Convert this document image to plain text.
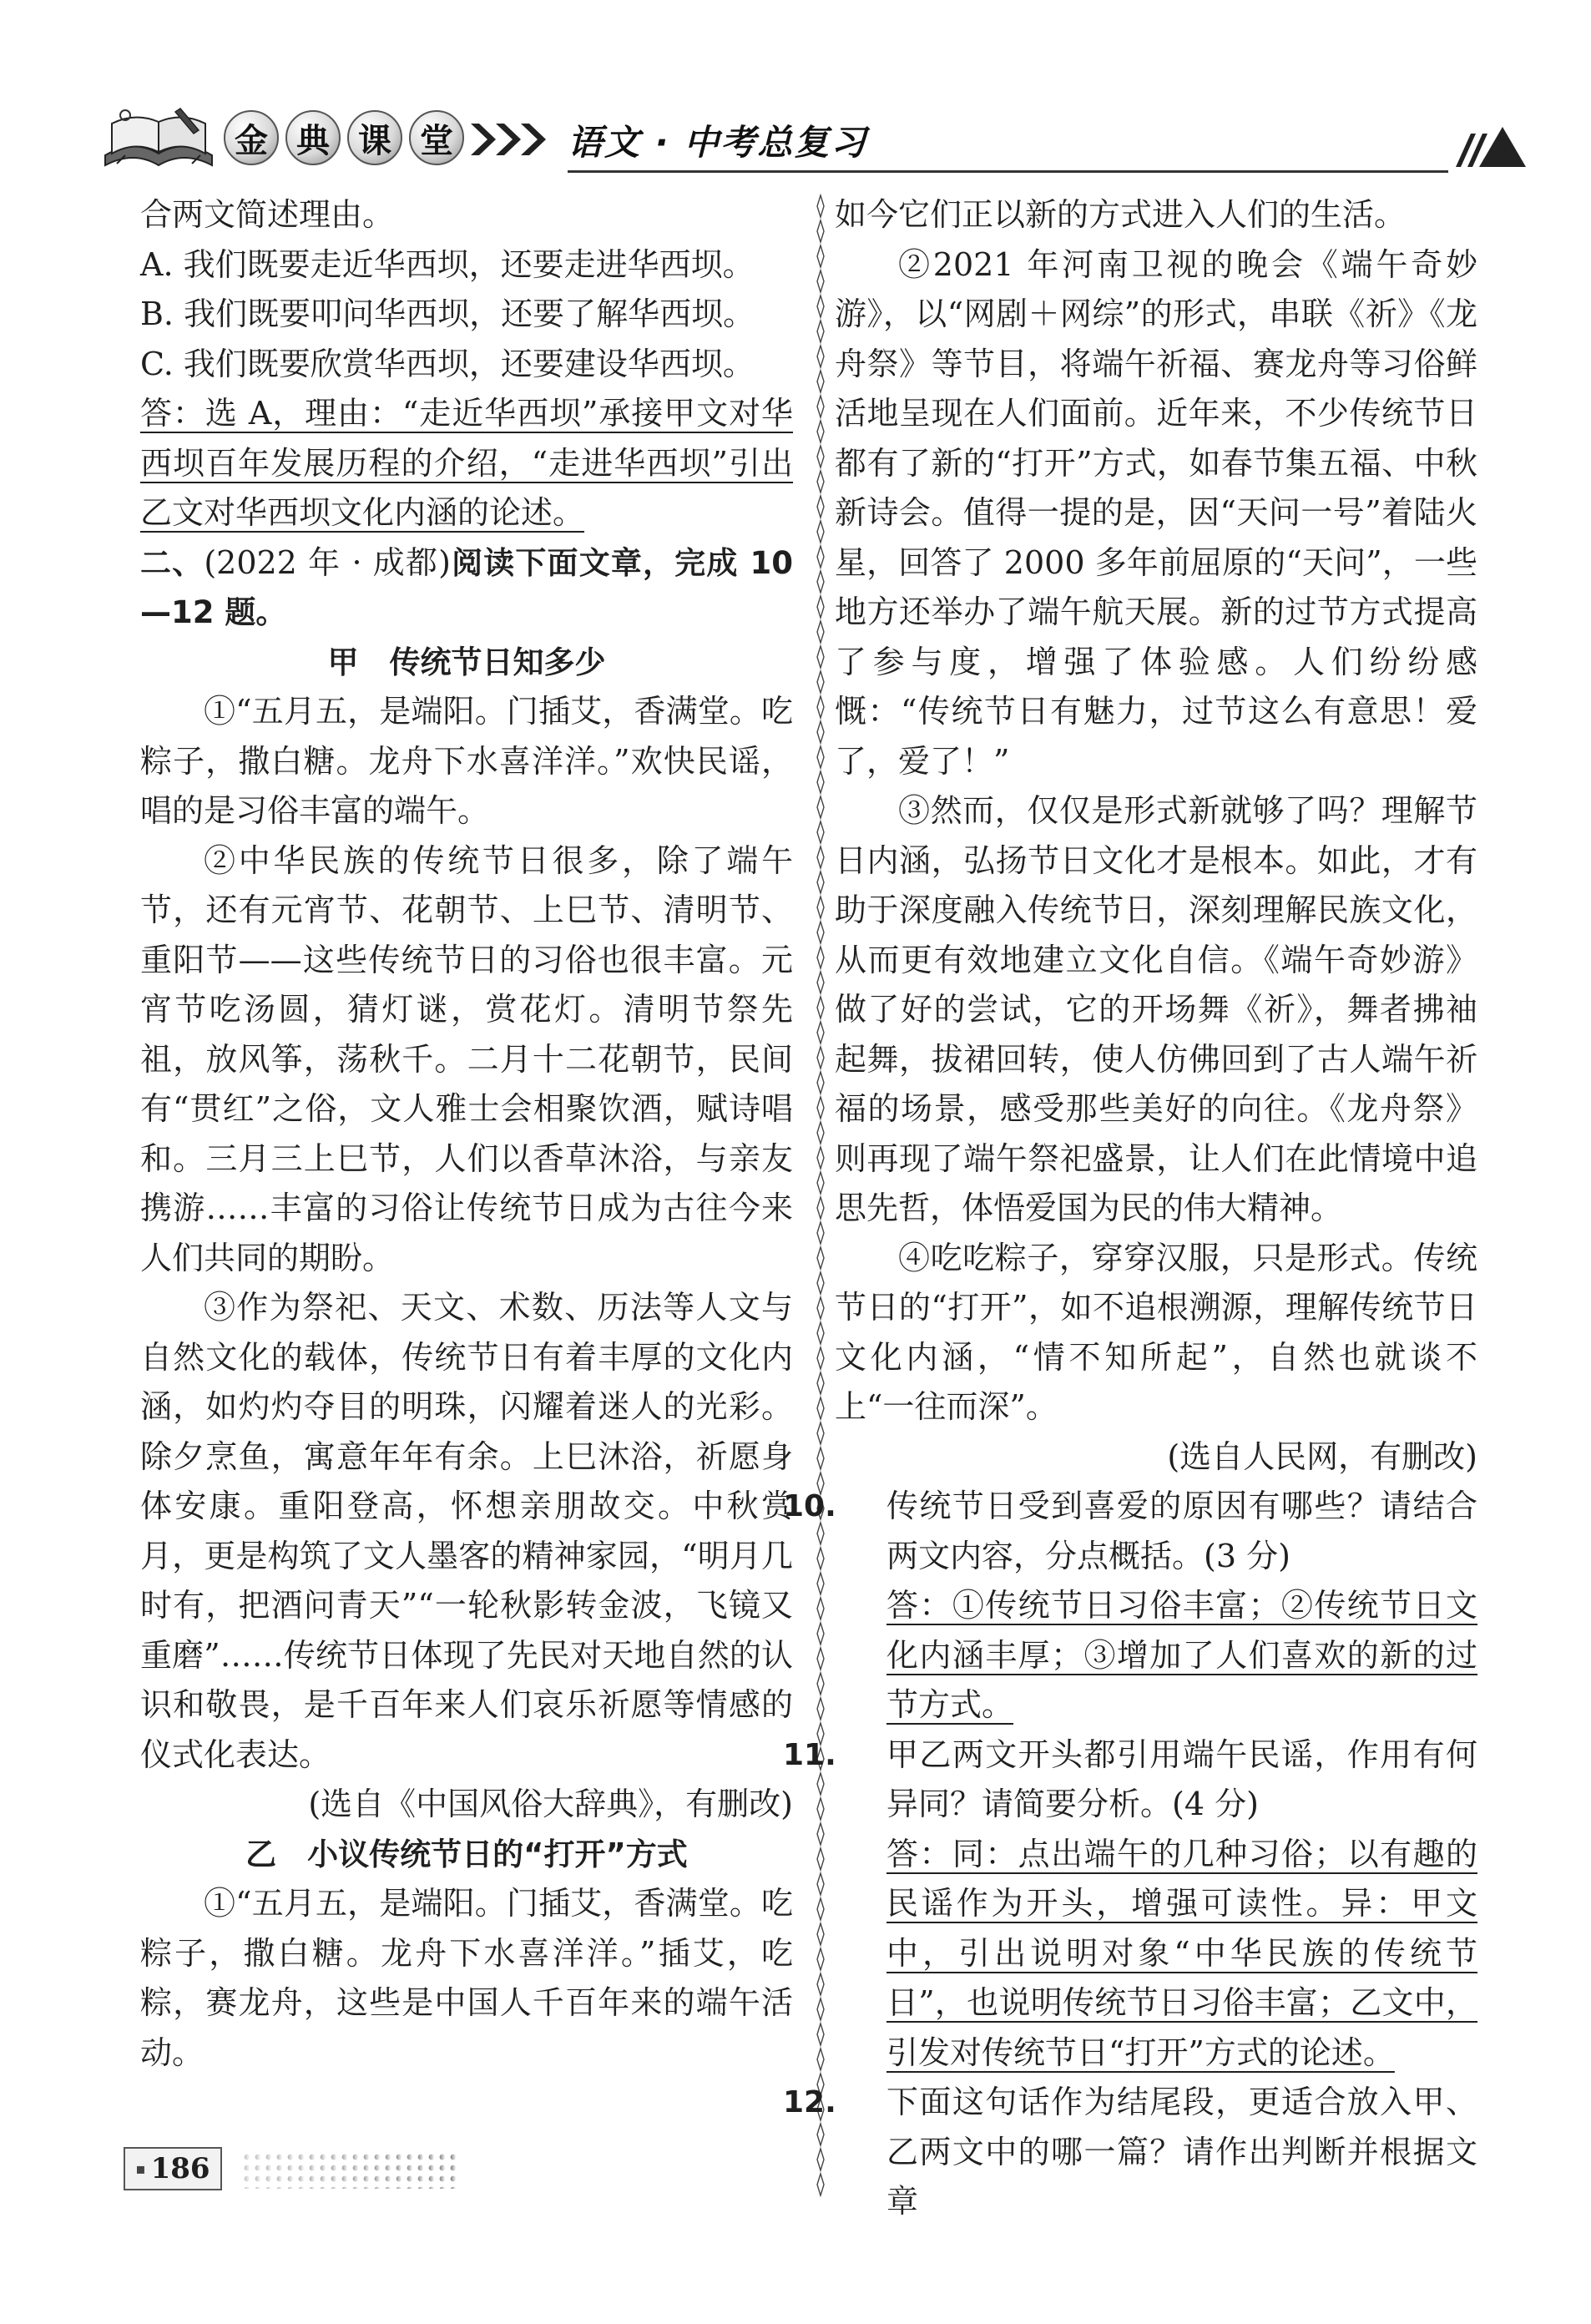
金 典 课 堂	语文 · 中考总复习

合两文简述理由。

A. 我们既要走近华西坝，还要走进华西坝。

B. 我们既要叩问华西坝，还要了解华西坝。

C. 我们既要欣赏华西坝，还要建设华西坝。

答：选 A，理由：“走近华西坝”承接甲文对华西坝百年发展历程的介绍，“走进华西坝”引出乙文对华西坝文化内涵的论述。

二、(2022 年 · 成都)阅读下面文章，完成 10—12 题。

甲　传统节日知多少

①“五月五，是端阳。门插艾，香满堂。吃粽子，撒白糖。龙舟下水喜洋洋。”欢快民谣，唱的是习俗丰富的端午。

②中华民族的传统节日很多，除了端午节，还有元宵节、花朝节、上巳节、清明节、重阳节——这些传统节日的习俗也很丰富。元宵节吃汤圆，猜灯谜，赏花灯。清明节祭先祖，放风筝，荡秋千。二月十二花朝节，民间有“贯红”之俗，文人雅士会相聚饮酒，赋诗唱和。三月三上巳节，人们以香草沐浴，与亲友携游……丰富的习俗让传统节日成为古往今来人们共同的期盼。

③作为祭祀、天文、术数、历法等人文与自然文化的载体，传统节日有着丰厚的文化内涵，如灼灼夺目的明珠，闪耀着迷人的光彩。除夕烹鱼，寓意年年有余。上巳沐浴，祈愿身体安康。重阳登高，怀想亲朋故交。中秋赏月，更是构筑了文人墨客的精神家园，“明月几时有，把酒问青天”“一轮秋影转金波，飞镜又重磨”……传统节日体现了先民对天地自然的认识和敬畏，是千百年来人们哀乐祈愿等情感的仪式化表达。

(选自《中国风俗大辞典》，有删改)

乙　小议传统节日的“打开”方式

①“五月五，是端阳。门插艾，香满堂。吃粽子，撒白糖。龙舟下水喜洋洋。”插艾，吃粽，赛龙舟，这些是中国人千百年来的端午活动。

如今它们正以新的方式进入人们的生活。

②2021 年河南卫视的晚会《端午奇妙游》，以“网剧＋网综”的形式，串联《祈》《龙舟祭》等节目，将端午祈福、赛龙舟等习俗鲜活地呈现在人们面前。近年来，不少传统节日都有了新的“打开”方式，如春节集五福、中秋新诗会。值得一提的是，因“天问一号”着陆火星，回答了 2000 多年前屈原的“天问”，一些地方还举办了端午航天展。新的过节方式提高了参与度，增强了体验感。人们纷纷感慨：“传统节日有魅力，过节这么有意思！爱了，爱了！”

③然而，仅仅是形式新就够了吗？理解节日内涵，弘扬节日文化才是根本。如此，才有助于深度融入传统节日，深刻理解民族文化，从而更有效地建立文化自信。《端午奇妙游》做了好的尝试，它的开场舞《祈》，舞者拂袖起舞，拔裙回转，使人仿佛回到了古人端午祈福的场景，感受那些美好的向往。《龙舟祭》则再现了端午祭祀盛景，让人们在此情境中追思先哲，体悟爱国为民的伟大精神。

④吃吃粽子，穿穿汉服，只是形式。传统节日的“打开”，如不追根溯源，理解传统节日文化内涵，“情不知所起”，自然也就谈不上“一往而深”。

(选自人民网，有删改)

10. 传统节日受到喜爱的原因有哪些？请结合两文内容，分点概括。(3 分)

答：①传统节日习俗丰富；②传统节日文化内涵丰厚；③增加了人们喜欢的新的过节方式。

11. 甲乙两文开头都引用端午民谣，作用有何异同？请简要分析。(4 分)

答：同：点出端午的几种习俗；以有趣的民谣作为开头，增强可读性。异：甲文中，引出说明对象“中华民族的传统节日”，也说明传统节日习俗丰富；乙文中，引发对传统节日“打开”方式的论述。

12. 下面这句话作为结尾段，更适合放入甲、乙两文中的哪一篇？请作出判断并根据文章

▪ 186
